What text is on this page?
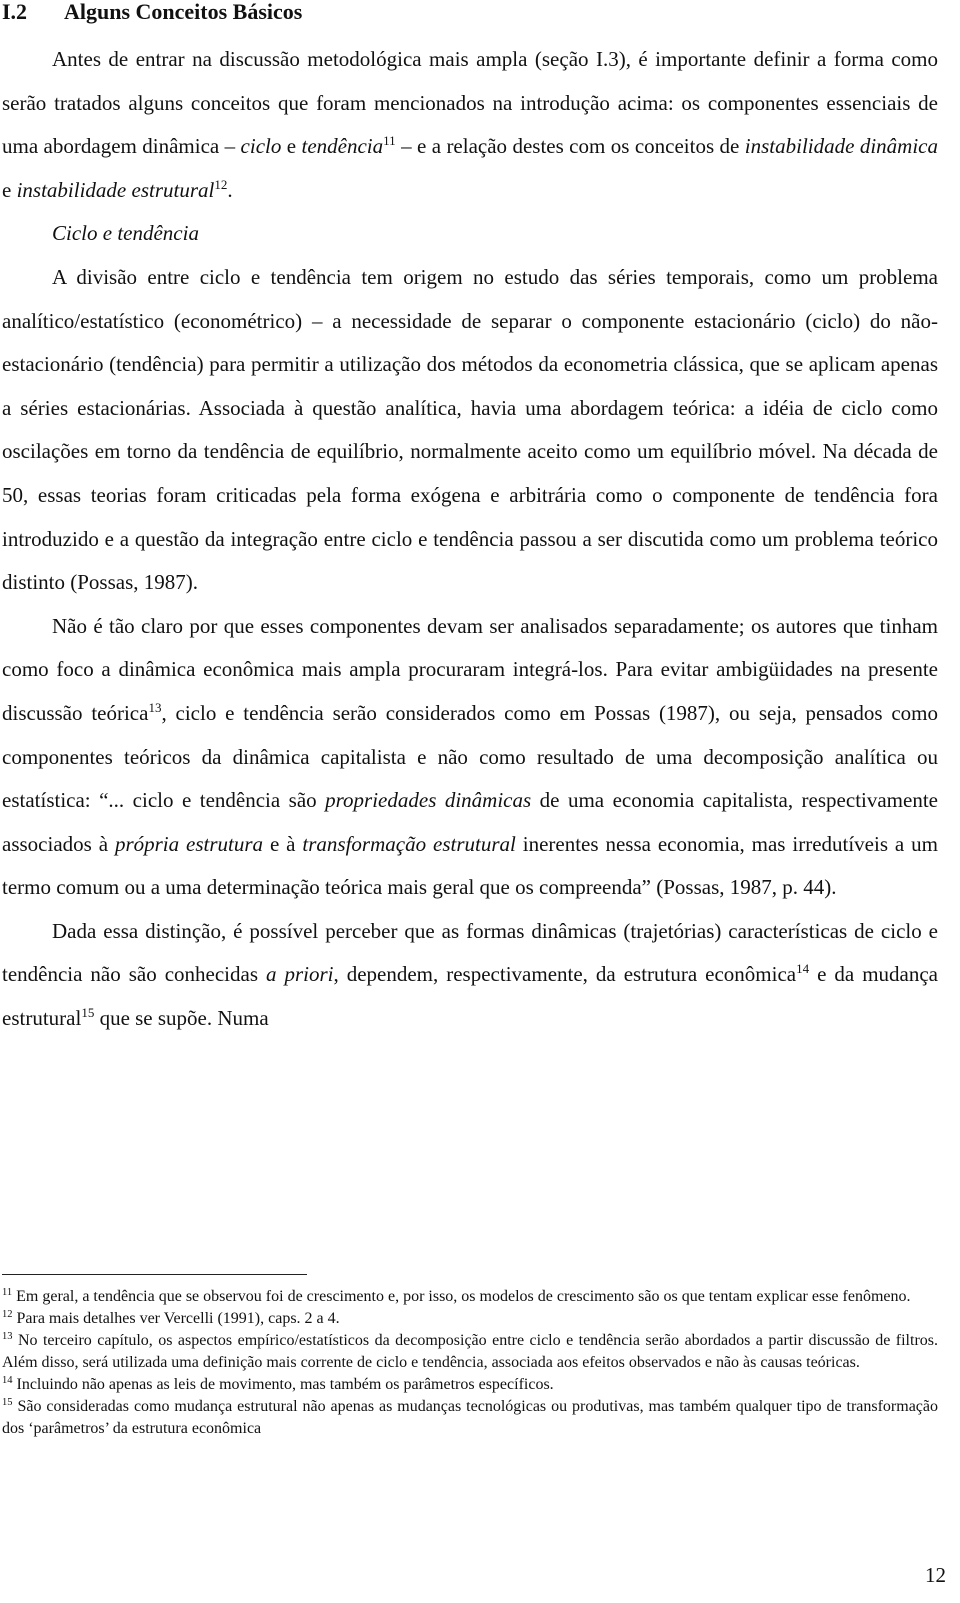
I.2 Alguns Conceitos Básicos

Antes de entrar na discussão metodológica mais ampla (seção I.3), é importante definir a forma como serão tratados alguns conceitos que foram mencionados na introdução acima: os componentes essenciais de uma abordagem dinâmica – ciclo e tendência$^{11}$ – e a relação destes com os conceitos de instabilidade dinâmica e instabilidade estrutural$^{12}$.

Ciclo e tendência

A divisão entre ciclo e tendência tem origem no estudo das séries temporais, como um problema analítico/estatístico (econométrico) – a necessidade de separar o componente estacionário (ciclo) do não-estacionário (tendência) para permitir a utilização dos métodos da econometria clássica, que se aplicam apenas a séries estacionárias. Associada à questão analítica, havia uma abordagem teórica: a idéia de ciclo como oscilações em torno da tendência de equilíbrio, normalmente aceito como um equilíbrio móvel. Na década de 50, essas teorias foram criticadas pela forma exógena e arbitrária como o componente de tendência fora introduzido e a questão da integração entre ciclo e tendência passou a ser discutida como um problema teórico distinto (Possas, 1987).

Não é tão claro por que esses componentes devam ser analisados separadamente; os autores que tinham como foco a dinâmica econômica mais ampla procuraram integrá-los. Para evitar ambigüidades na presente discussão teórica$^{13}$, ciclo e tendência serão considerados como em Possas (1987), ou seja, pensados como componentes teóricos da dinâmica capitalista e não como resultado de uma decomposição analítica ou estatística: “... ciclo e tendência são propriedades dinâmicas de uma economia capitalista, respectivamente associados à própria estrutura e à transformação estrutural inerentes nessa economia, mas irredutíveis a um termo comum ou a uma determinação teórica mais geral que os compreenda” (Possas, 1987, p. 44).

Dada essa distinção, é possível perceber que as formas dinâmicas (trajetórias) características de ciclo e tendência não são conhecidas a priori, dependem, respectivamente, da estrutura econômica$^{14}$ e da mudança estrutural$^{15}$ que se supõe. Numa

$^{11}$ Em geral, a tendência que se observou foi de crescimento e, por isso, os modelos de crescimento são os que tentam explicar esse fenômeno.

$^{12}$ Para mais detalhes ver Vercelli (1991), caps. 2 a 4.

$^{13}$ No terceiro capítulo, os aspectos empírico/estatísticos da decomposição entre ciclo e tendência serão abordados a partir discussão de filtros. Além disso, será utilizada uma definição mais corrente de ciclo e tendência, associada aos efeitos observados e não às causas teóricas.

$^{14}$ Incluindo não apenas as leis de movimento, mas também os parâmetros específicos.

$^{15}$ São consideradas como mudança estrutural não apenas as mudanças tecnológicas ou produtivas, mas também qualquer tipo de transformação dos ‘parâmetros’ da estrutura econômica

12
